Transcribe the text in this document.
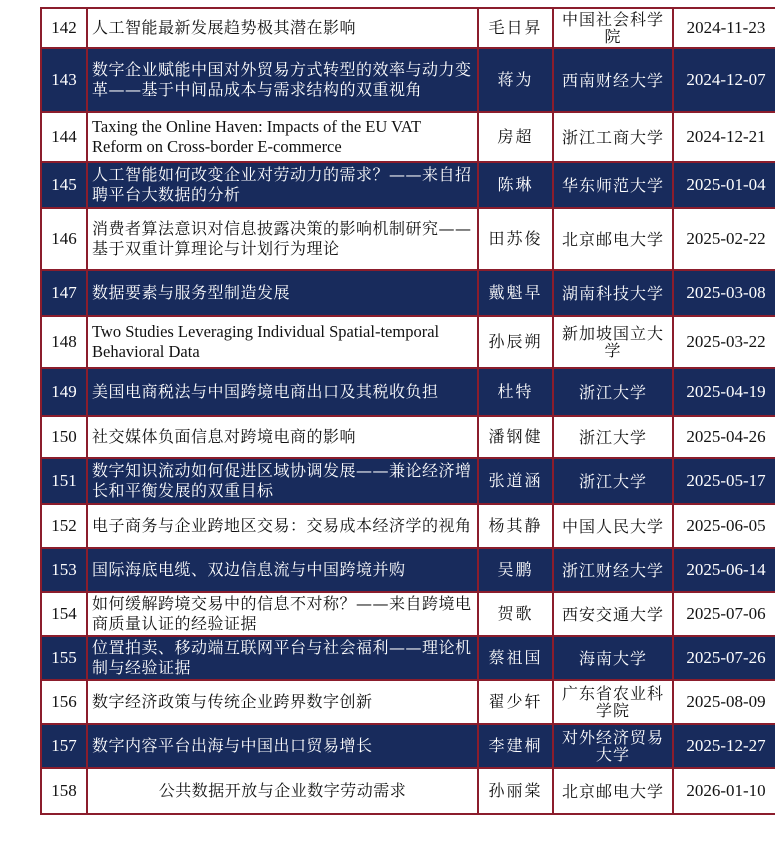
142	人工智能最新发展趋势极其潜在影响	毛日昇	中国社会科学院	2024-11-23
143	数字企业赋能中国对外贸易方式转型的效率与动力变革——基于中间品成本与需求结构的双重视角	蒋为	西南财经大学	2024-12-07
144	Taxing the Online Haven: Impacts of the EU VAT Reform on Cross-border E-commerce	房超	浙江工商大学	2024-12-21
145	人工智能如何改变企业对劳动力的需求？——来自招聘平台大数据的分析	陈琳	华东师范大学	2025-01-04
146	消费者算法意识对信息披露决策的影响机制研究——基于双重计算理论与计划行为理论	田苏俊	北京邮电大学	2025-02-22
147	数据要素与服务型制造发展	戴魁早	湖南科技大学	2025-03-08
148	Two Studies Leveraging Individual Spatial-temporal Behavioral Data	孙辰朔	新加坡国立大学	2025-03-22
149	美国电商税法与中国跨境电商出口及其税收负担	杜特	浙江大学	2025-04-19
150	社交媒体负面信息对跨境电商的影响	潘钢健	浙江大学	2025-04-26
151	数字知识流动如何促进区域协调发展——兼论经济增长和平衡发展的双重目标	张道涵	浙江大学	2025-05-17
152	电子商务与企业跨地区交易：交易成本经济学的视角	杨其静	中国人民大学	2025-06-05
153	国际海底电缆、双边信息流与中国跨境并购	吴鹏	浙江财经大学	2025-06-14
154	如何缓解跨境交易中的信息不对称？——来自跨境电商质量认证的经验证据	贺歌	西安交通大学	2025-07-06
155	位置拍卖、移动端互联网平台与社会福利——理论机制与经验证据	蔡祖国	海南大学	2025-07-26
156	数字经济政策与传统企业跨界数字创新	翟少轩	广东省农业科学院	2025-08-09
157	数字内容平台出海与中国出口贸易增长	李建桐	对外经济贸易大学	2025-12-27
158	公共数据开放与企业数字劳动需求	孙丽棠	北京邮电大学	2026-01-10
